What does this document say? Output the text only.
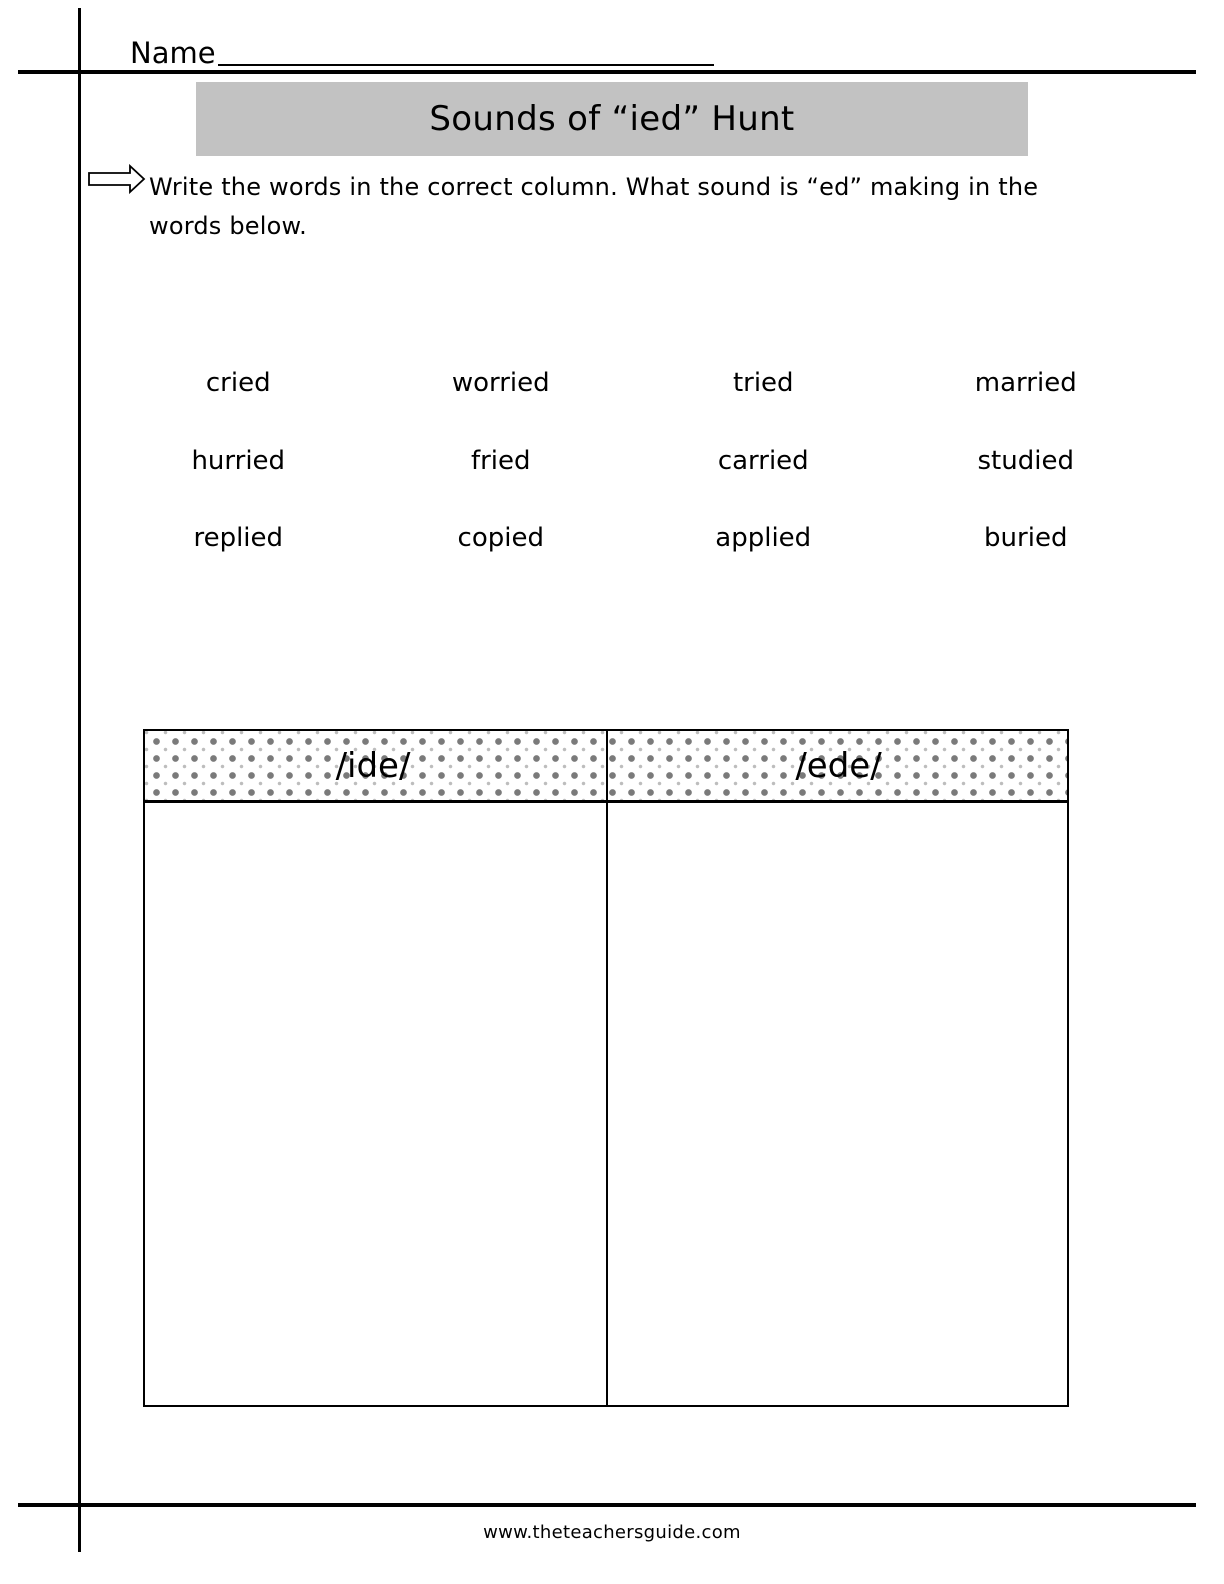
Name
Sounds of “ied” Hunt
Write the words in the correct column. What sound is “ed” making in the words below.
cried	worried	tried	married
hurried	fried	carried	studied
replied	copied	applied	buried
/ide/	/ede/
www.theteachersguide.com
